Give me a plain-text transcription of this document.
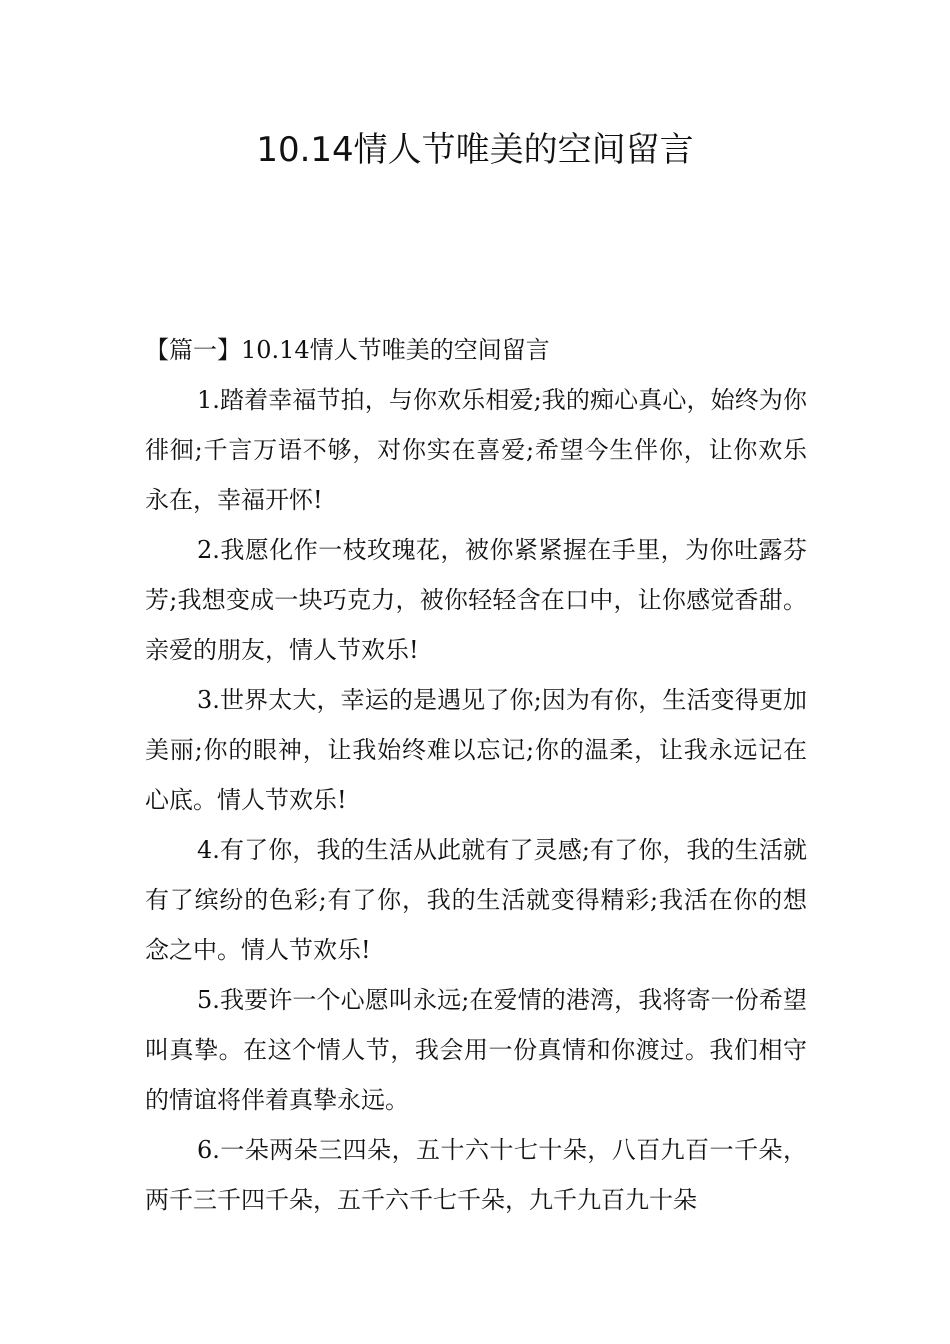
10.14情人节唯美的空间留言
【篇一】10.14情人节唯美的空间留言

1.踏着幸福节拍，与你欢乐相爱;我的痴心真心，始终为你徘徊;千言万语不够，对你实在喜爱;希望今生伴你，让你欢乐永在，幸福开怀!

2.我愿化作一枝玫瑰花，被你紧紧握在手里，为你吐露芬芳;我想变成一块巧克力，被你轻轻含在口中，让你感觉香甜。亲爱的朋友，情人节欢乐!

3.世界太大，幸运的是遇见了你;因为有你，生活变得更加美丽;你的眼神，让我始终难以忘记;你的温柔，让我永远记在心底。情人节欢乐!

4.有了你，我的生活从此就有了灵感;有了你，我的生活就有了缤纷的色彩;有了你，我的生活就变得精彩;我活在你的想念之中。情人节欢乐!

5.我要许一个心愿叫永远;在爱情的港湾，我将寄一份希望叫真挚。在这个情人节，我会用一份真情和你渡过。我们相守的情谊将伴着真挚永远。

6.一朵两朵三四朵，五十六十七十朵，八百九百一千朵，两千三千四千朵，五千六千七千朵，九千九百九十朵
